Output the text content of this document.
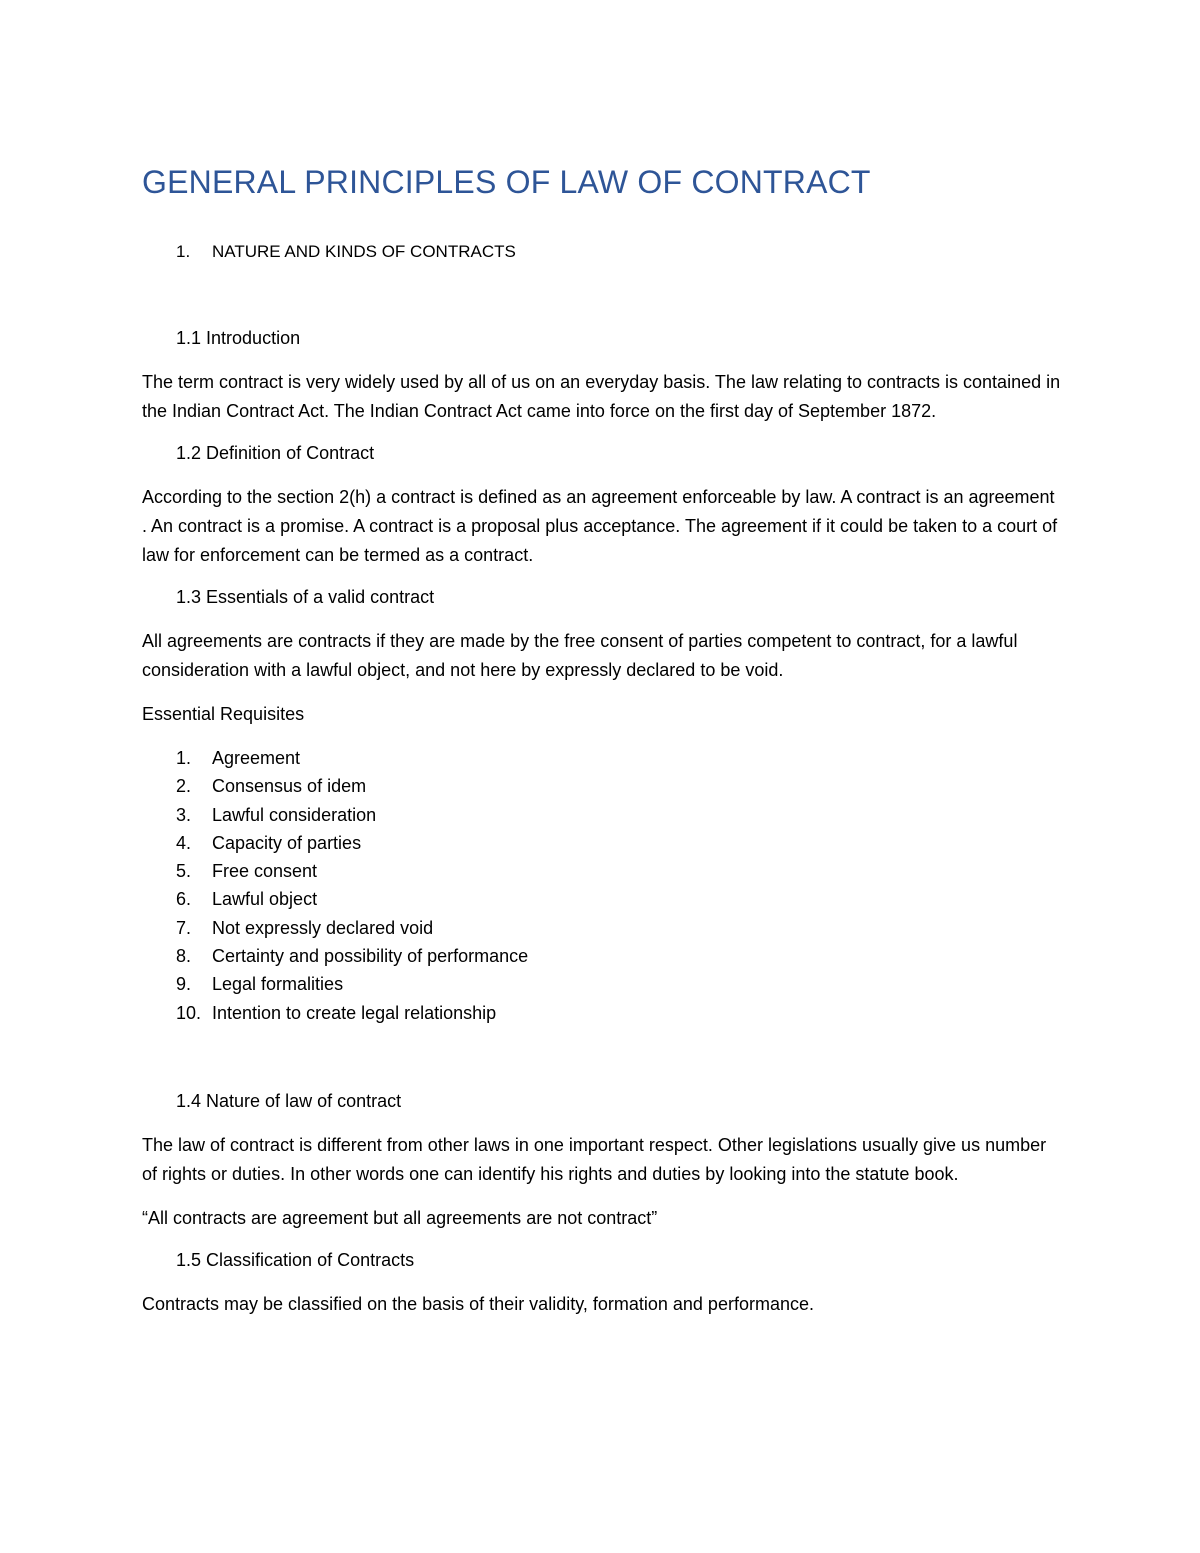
GENERAL PRINCIPLES OF LAW OF CONTRACT

1. NATURE AND KINDS OF CONTRACTS

1.1 Introduction

The term contract is very widely used by all of us on an everyday basis. The law relating to contracts is contained in the Indian Contract Act. The Indian Contract Act came into force on the first day of September 1872.

1.2 Definition of Contract

According to the section 2(h) a contract is defined as an agreement enforceable by law. A contract is an agreement . An contract is a promise. A contract is a proposal plus acceptance. The agreement if it could be taken to a court of law for enforcement can be termed as a contract.

1.3 Essentials of a valid contract

All agreements are contracts if they are made by the free consent of parties competent to contract, for a lawful consideration with a lawful object, and not here by expressly declared to be void.

Essential Requisites

1. Agreement
2. Consensus of idem
3. Lawful consideration
4. Capacity of parties
5. Free consent
6. Lawful object
7. Not expressly declared void
8. Certainty and possibility of performance
9. Legal formalities
10. Intention to create legal relationship

1.4 Nature of law of contract

The law of contract is different from other laws in one important respect. Other legislations usually give us number of rights or duties. In other words one can identify his rights and duties by looking into the statute book.

“All contracts are agreement but all agreements are not contract”

1.5 Classification of Contracts

Contracts may be classified on the basis of their validity, formation and performance.
